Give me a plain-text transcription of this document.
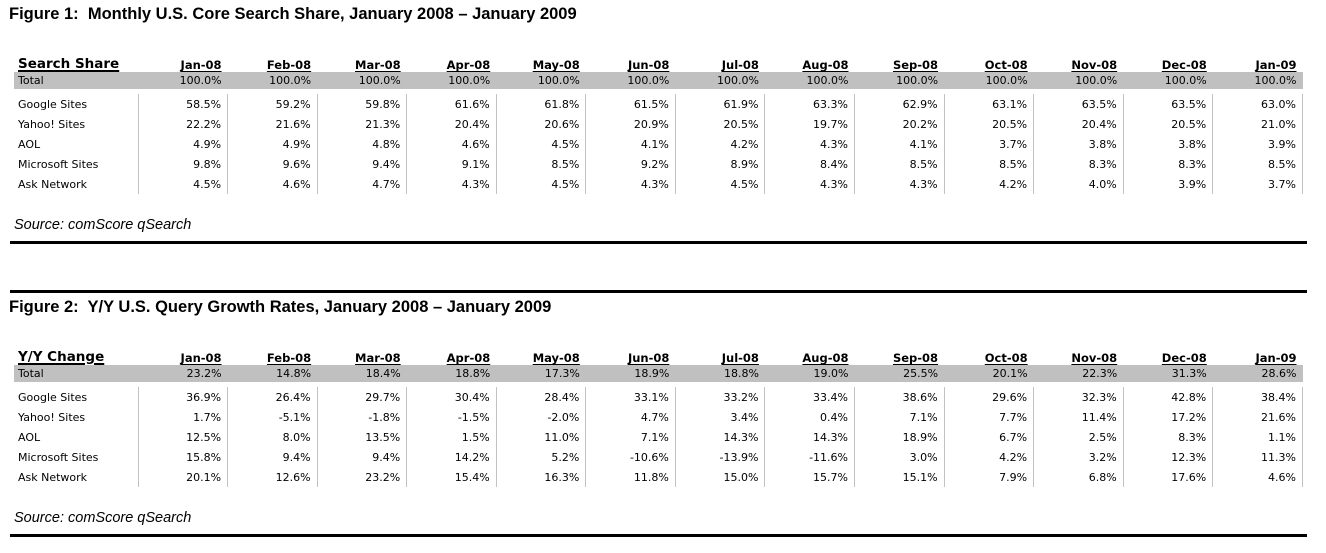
Figure 1:  Monthly U.S. Core Search Share, January 2008 – January 2009
Search Share	Jan-08	Feb-08	Mar-08	Apr-08	May-08	Jun-08	Jul-08	Aug-08	Sep-08	Oct-08	Nov-08	Dec-08	Jan-09
Total	100.0%	100.0%	100.0%	100.0%	100.0%	100.0%	100.0%	100.0%	100.0%	100.0%	100.0%	100.0%	100.0%

Google Sites	58.5%	59.2%	59.8%	61.6%	61.8%	61.5%	61.9%	63.3%	62.9%	63.1%	63.5%	63.5%	63.0%
Yahoo! Sites	22.2%	21.6%	21.3%	20.4%	20.6%	20.9%	20.5%	19.7%	20.2%	20.5%	20.4%	20.5%	21.0%
AOL	4.9%	4.9%	4.8%	4.6%	4.5%	4.1%	4.2%	4.3%	4.1%	3.7%	3.8%	3.8%	3.9%
Microsoft Sites	9.8%	9.6%	9.4%	9.1%	8.5%	9.2%	8.9%	8.4%	8.5%	8.5%	8.3%	8.3%	8.5%
Ask Network	4.5%	4.6%	4.7%	4.3%	4.5%	4.3%	4.5%	4.3%	4.3%	4.2%	4.0%	3.9%	3.7%
Source: comScore qSearch
Figure 2:  Y/Y U.S. Query Growth Rates, January 2008 – January 2009
Y/Y Change	Jan-08	Feb-08	Mar-08	Apr-08	May-08	Jun-08	Jul-08	Aug-08	Sep-08	Oct-08	Nov-08	Dec-08	Jan-09
Total	23.2%	14.8%	18.4%	18.8%	17.3%	18.9%	18.8%	19.0%	25.5%	20.1%	22.3%	31.3%	28.6%

Google Sites	36.9%	26.4%	29.7%	30.4%	28.4%	33.1%	33.2%	33.4%	38.6%	29.6%	32.3%	42.8%	38.4%
Yahoo! Sites	1.7%	-5.1%	-1.8%	-1.5%	-2.0%	4.7%	3.4%	0.4%	7.1%	7.7%	11.4%	17.2%	21.6%
AOL	12.5%	8.0%	13.5%	1.5%	11.0%	7.1%	14.3%	14.3%	18.9%	6.7%	2.5%	8.3%	1.1%
Microsoft Sites	15.8%	9.4%	9.4%	14.2%	5.2%	-10.6%	-13.9%	-11.6%	3.0%	4.2%	3.2%	12.3%	11.3%
Ask Network	20.1%	12.6%	23.2%	15.4%	16.3%	11.8%	15.0%	15.7%	15.1%	7.9%	6.8%	17.6%	4.6%
Source: comScore qSearch
